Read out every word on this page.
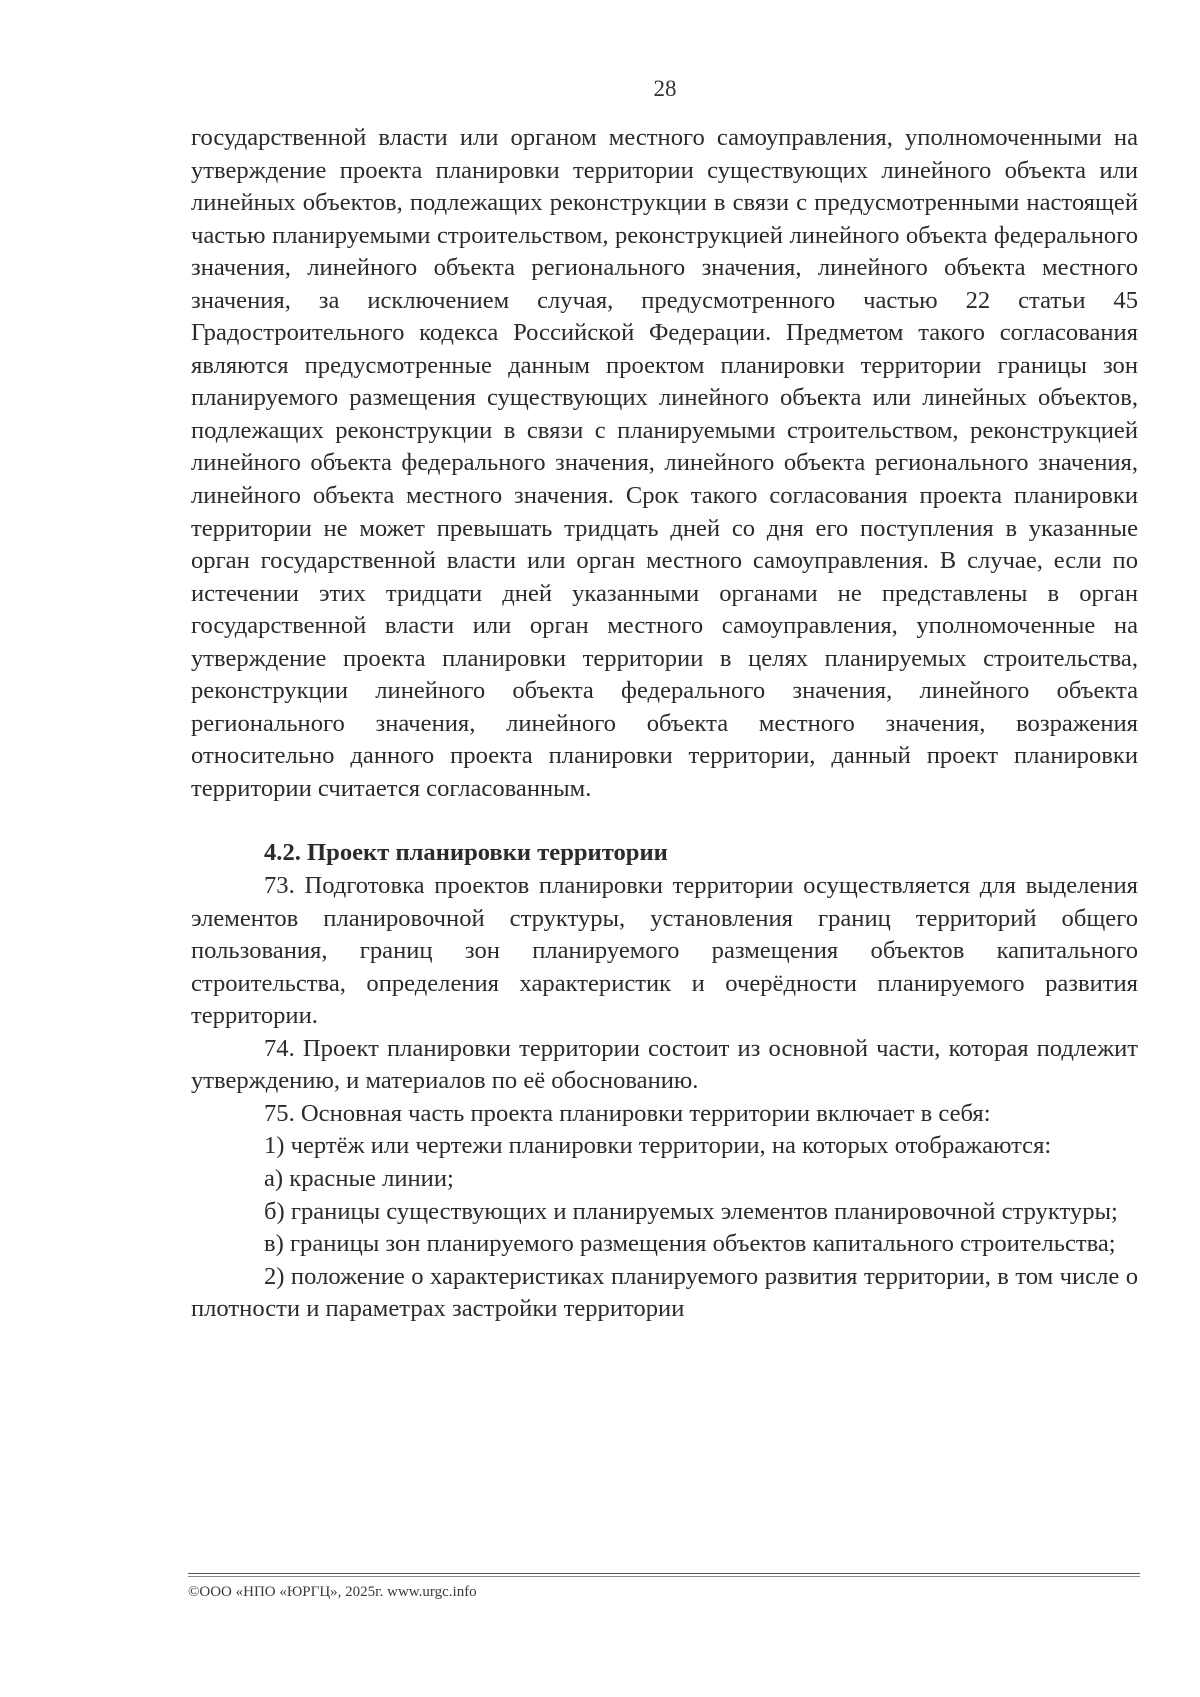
28

государственной власти или органом местного самоуправления, уполномоченными на утверждение проекта планировки территории существующих линейного объекта или линейных объектов, подлежащих реконструкции в связи с предусмотренными настоящей частью планируемыми строительством, реконструкцией линейного объекта федерального значения, линейного объекта регионального значения, линейного объекта местного значения, за исключением случая, предусмотренного частью 22 статьи 45 Градостроительного кодекса Российской Федерации. Предметом такого согласования являются предусмотренные данным проектом планировки территории границы зон планируемого размещения существующих линейного объекта или линейных объектов, подлежащих реконструкции в связи с планируемыми строительством, реконструкцией линейного объекта федерального значения, линейного объекта регионального значения, линейного объекта местного значения. Срок такого согласования проекта планировки территории не может превышать тридцать дней со дня его поступления в указанные орган государственной власти или орган местного самоуправления. В случае, если по истечении этих тридцати дней указанными органами не представлены в орган государственной власти или орган местного самоуправления, уполномоченные на утверждение проекта планировки территории в целях планируемых строительства, реконструкции линейного объекта федерального значения, линейного объекта регионального значения, линейного объекта местного значения, возражения относительно данного проекта планировки территории, данный проект планировки территории считается согласованным.

4.2. Проект планировки территории

73. Подготовка проектов планировки территории осуществляется для выделения элементов планировочной структуры, установления границ территорий общего пользования, границ зон планируемого размещения объектов капитального строительства, определения характеристик и очерёдности планируемого развития территории.

74. Проект планировки территории состоит из основной части, которая подлежит утверждению, и материалов по её обоснованию.

75. Основная часть проекта планировки территории включает в себя:

1) чертёж или чертежи планировки территории, на которых отображаются:

а) красные линии;

б) границы существующих и планируемых элементов планировочной структуры;

в) границы зон планируемого размещения объектов капитального строительства;

2) положение о характеристиках планируемого развития территории, в том числе о плотности и параметрах застройки территории

©ООО «НПО «ЮРГЦ», 2025г. www.urgc.info
